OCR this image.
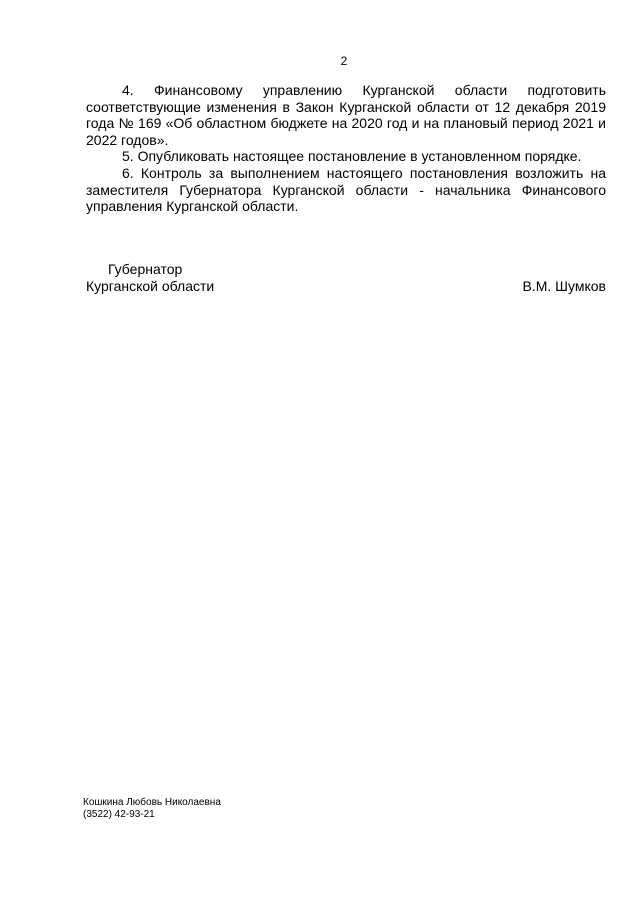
2

4. Финансовому управлению Курганской области подготовить соответствующие изменения в Закон Курганской области от 12 декабря 2019 года № 169 «Об областном бюджете на 2020 год и на плановый период 2021 и 2022 годов».

5. Опубликовать настоящее постановление в установленном порядке.

6. Контроль за выполнением настоящего постановления возложить на заместителя Губернатора Курганской области - начальника Финансового управления Курганской области.

Губернатор
Курганской области	В.М. Шумков
Кошкина Любовь Николаевна
(3522) 42-93-21
